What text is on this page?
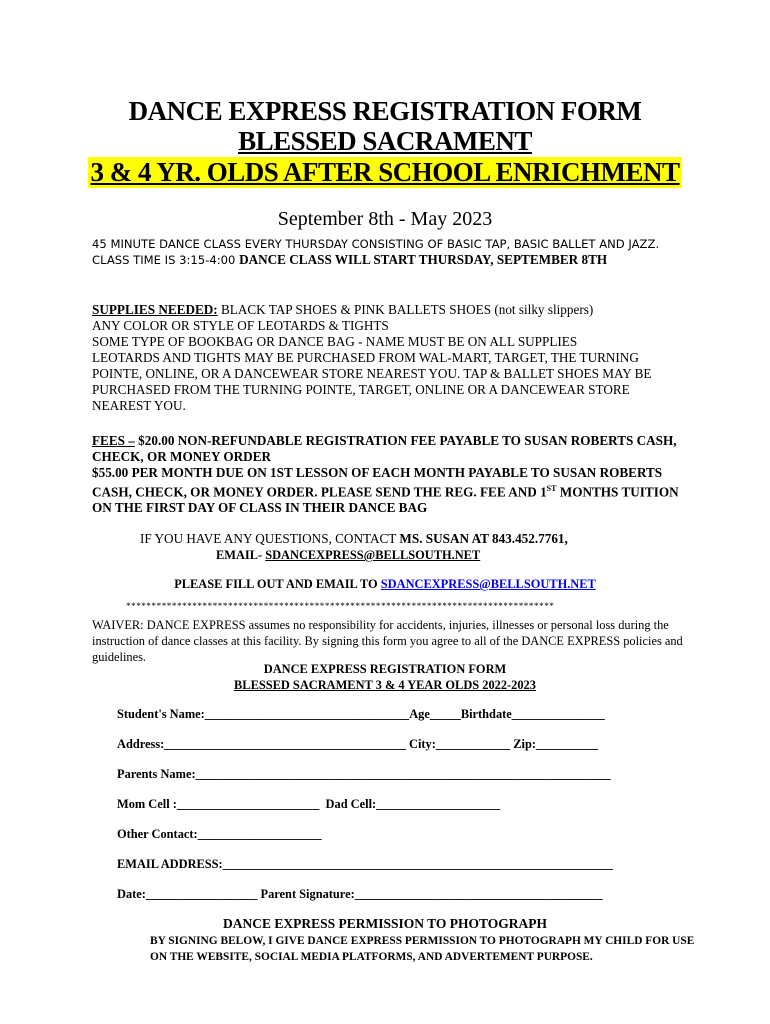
DANCE EXPRESS REGISTRATION FORM
BLESSED SACRAMENT
3 & 4 YR. OLDS AFTER SCHOOL ENRICHMENT
September 8th - May 2023
45 MINUTE DANCE CLASS EVERY THURSDAY CONSISTING OF BASIC TAP, BASIC BALLET AND JAZZ. CLASS TIME IS 3:15-4:00 DANCE CLASS WILL START THURSDAY, SEPTEMBER 8TH
SUPPLIES NEEDED: BLACK TAP SHOES & PINK BALLETS SHOES (not silky slippers)
ANY COLOR OR STYLE OF LEOTARDS & TIGHTS
SOME TYPE OF BOOKBAG OR DANCE BAG - NAME MUST BE ON ALL SUPPLIES
LEOTARDS AND TIGHTS MAY BE PURCHASED FROM WAL-MART, TARGET, THE TURNING POINTE, ONLINE, OR A DANCEWEAR STORE NEAREST YOU. TAP & BALLET SHOES MAY BE PURCHASED FROM THE TURNING POINTE, TARGET, ONLINE OR A DANCEWEAR STORE NEAREST YOU.
FEES – $20.00 NON-REFUNDABLE REGISTRATION FEE PAYABLE TO SUSAN ROBERTS CASH, CHECK, OR MONEY ORDER
$55.00 PER MONTH DUE ON 1ST LESSON OF EACH MONTH PAYABLE TO SUSAN ROBERTS CASH, CHECK, OR MONEY ORDER. PLEASE SEND THE REG. FEE AND 1ST MONTHS TUITION ON THE FIRST DAY OF CLASS IN THEIR DANCE BAG
IF YOU HAVE ANY QUESTIONS, CONTACT MS. SUSAN AT 843.452.7761,
EMAIL- SDANCEXPRESS@BELLSOUTH.NET
PLEASE FILL OUT AND EMAIL TO SDANCEXPRESS@BELLSOUTH.NET
************************************************************************************
WAIVER: DANCE EXPRESS assumes no responsibility for accidents, injuries, illnesses or personal loss during the instruction of dance classes at this facility. By signing this form you agree to all of the DANCE EXPRESS policies and guidelines.
DANCE EXPRESS REGISTRATION FORM
BLESSED SACRAMENT 3 & 4 YEAR OLDS 2022-2023
Student's Name:_________________________________Age_____Birthdate_______________
Address:_______________________________________ City:____________ Zip:__________
Parents Name:___________________________________________________________________
Mom Cell :_______________________  Dad Cell:____________________
Other Contact:____________________
EMAIL ADDRESS:_______________________________________________________________
Date:__________________ Parent Signature:________________________________________
DANCE EXPRESS PERMISSION TO PHOTOGRAPH
BY SIGNING BELOW, I GIVE DANCE EXPRESS PERMISSION TO PHOTOGRAPH MY CHILD FOR USE ON THE WEBSITE, SOCIAL MEDIA PLATFORMS, AND ADVERTEMENT PURPOSE.
